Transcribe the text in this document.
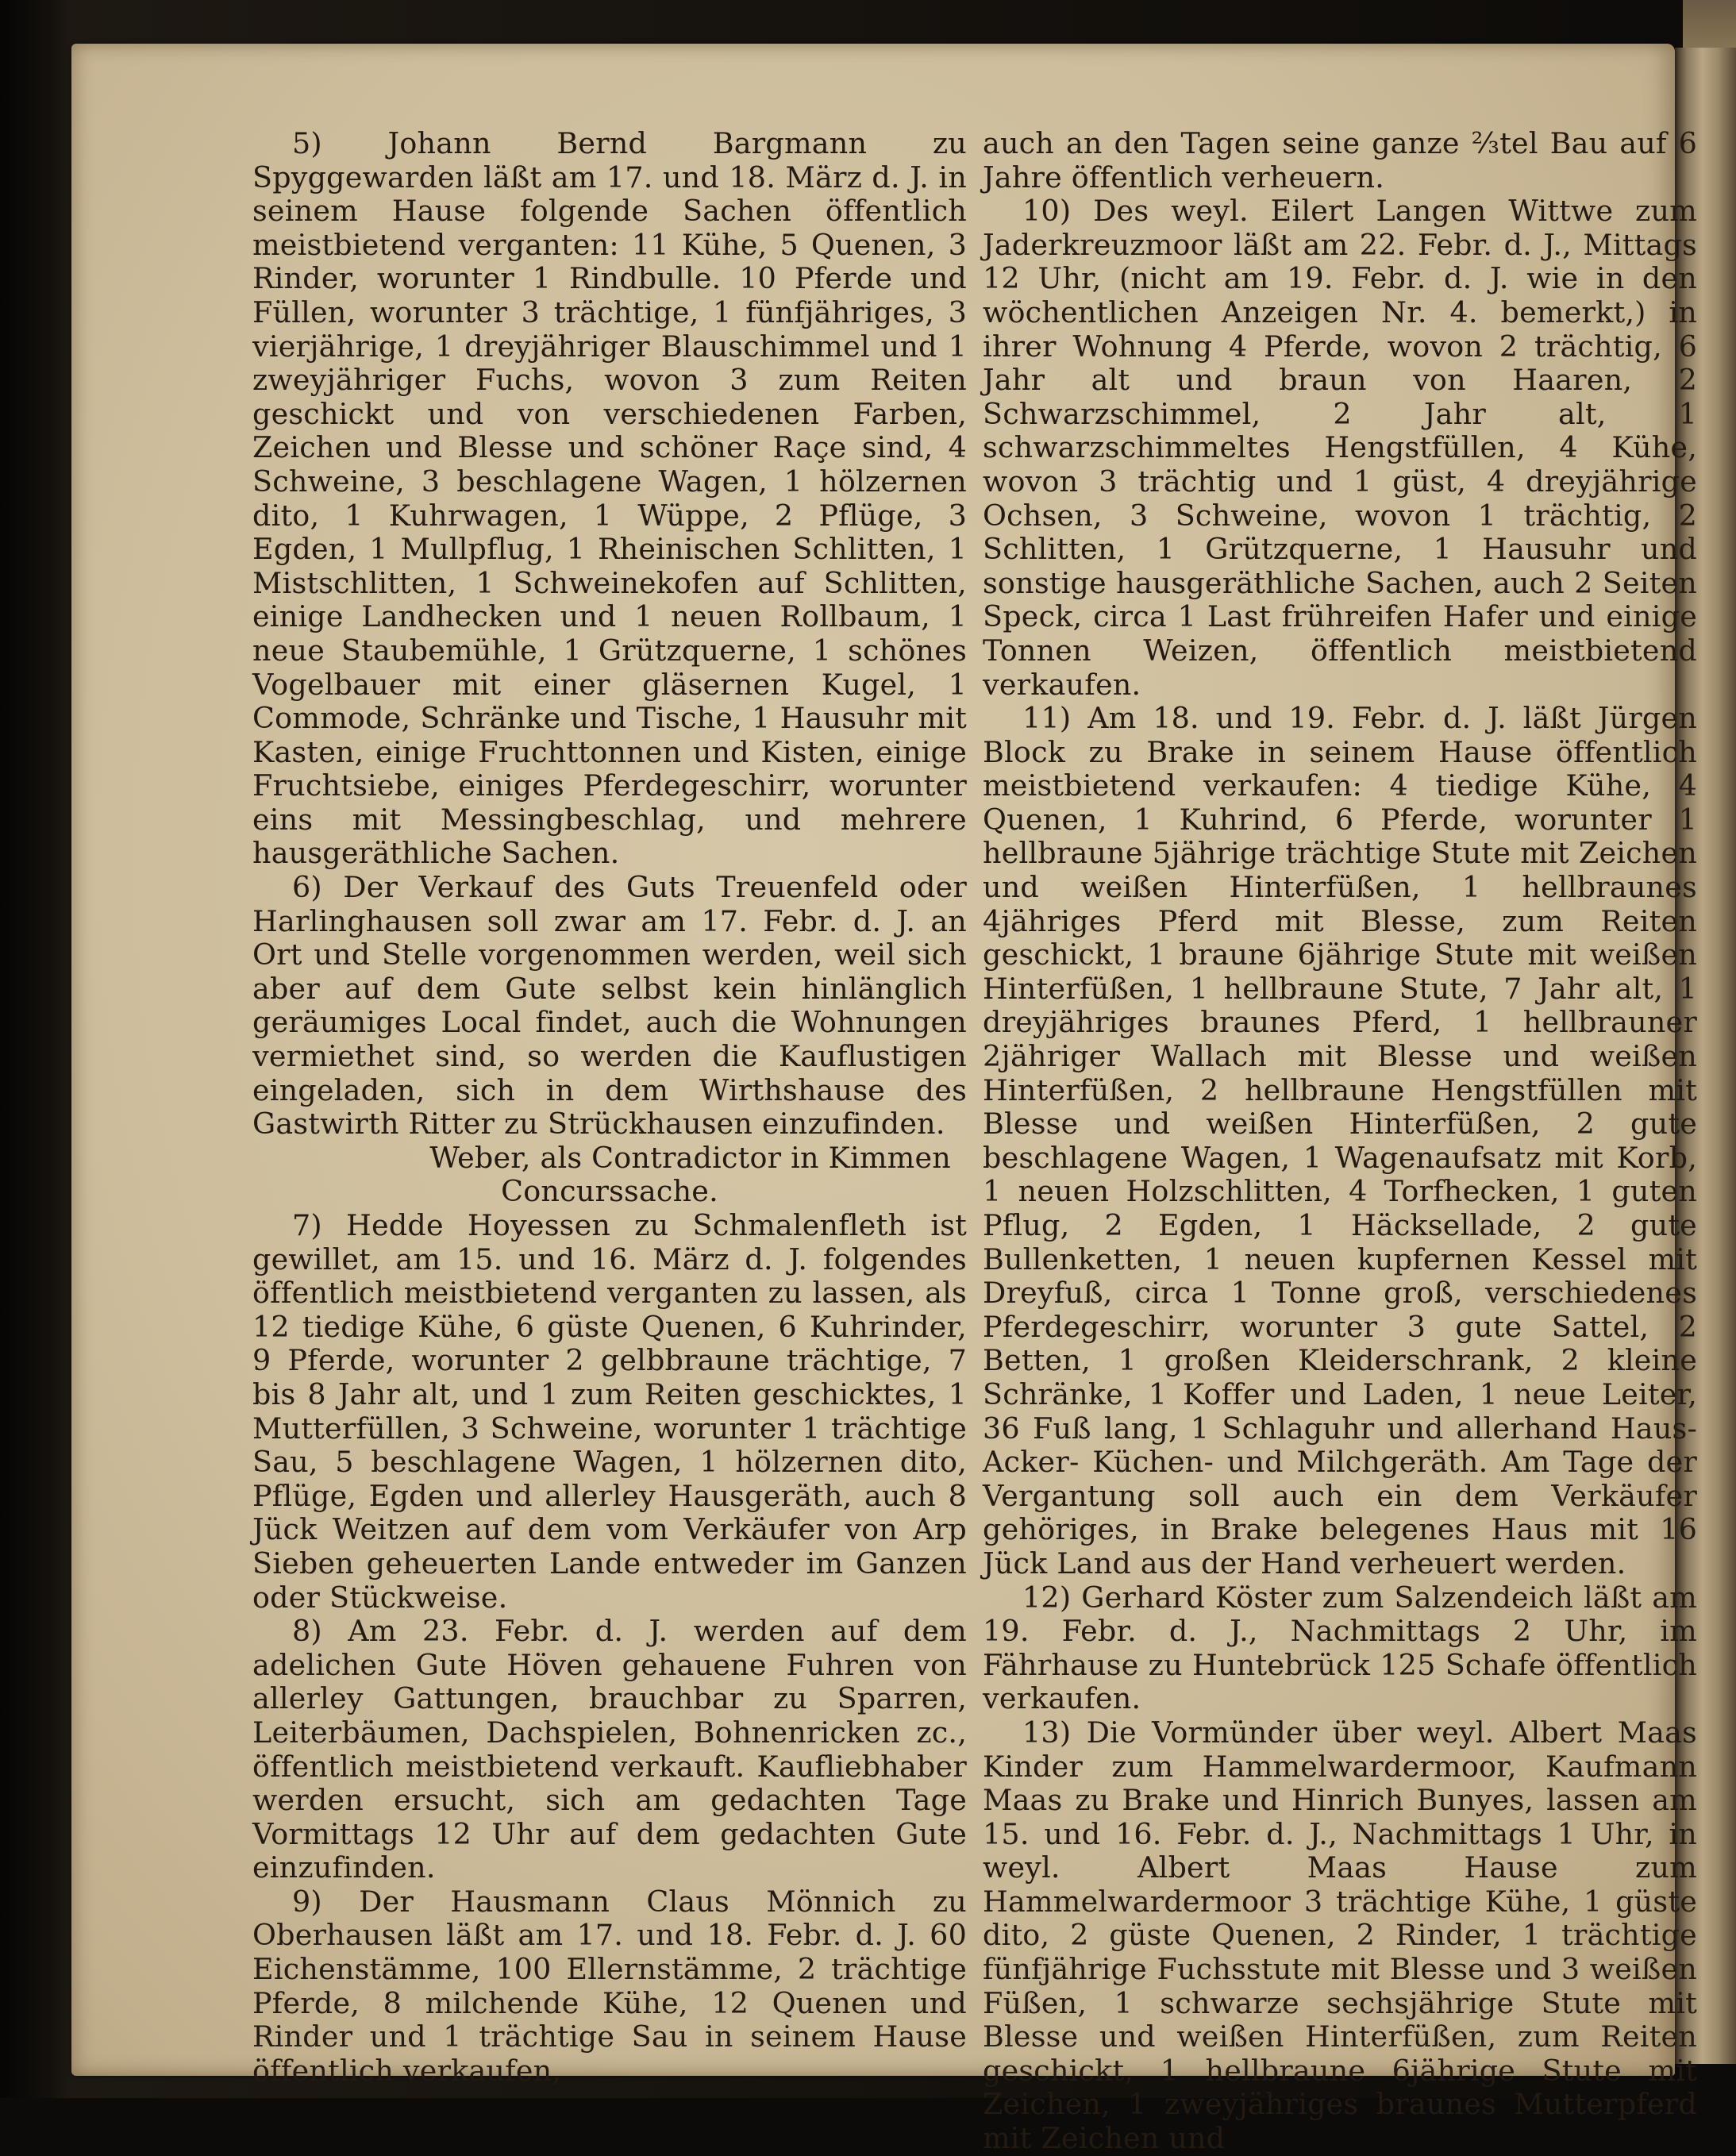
5) Johann Bernd Bargmann zu Spyggewarden läßt am 17. und 18. März d. J. in seinem Hause folgende Sachen öffentlich meistbietend verganten: 11 Kühe, 5 Quenen, 3 Rinder, worunter 1 Rindbulle. 10 Pferde und Füllen, worunter 3 trächtige, 1 fünfjähriges, 3 vierjährige, 1 dreyjähriger Blauschimmel und 1 zweyjähriger Fuchs, wovon 3 zum Reiten geschickt und von verschiedenen Farben, Zeichen und Blesse und schöner Raçe sind, 4 Schweine, 3 beschlagene Wagen, 1 hölzernen dito, 1 Kuhrwagen, 1 Wüppe, 2 Pflüge, 3 Egden, 1 Mullpflug, 1 Rheinischen Schlitten, 1 Mistschlitten, 1 Schweinekofen auf Schlitten, einige Landhecken und 1 neuen Rollbaum, 1 neue Staubemühle, 1 Grützquerne, 1 schönes Vogelbauer mit einer gläsernen Kugel, 1 Commode, Schränke und Tische, 1 Hausuhr mit Kasten, einige Fruchttonnen und Kisten, einige Fruchtsiebe, einiges Pferdegeschirr, worunter eins mit Messingbeschlag, und mehrere hausgeräthliche Sachen.

6) Der Verkauf des Guts Treuenfeld oder Harlinghausen soll zwar am 17. Febr. d. J. an Ort und Stelle vorgenommen werden, weil sich aber auf dem Gute selbst kein hinlänglich geräumiges Local findet, auch die Wohnungen vermiethet sind, so werden die Kauflustigen eingeladen, sich in dem Wirthshause des Gastwirth Ritter zu Strückhausen einzufinden.

Weber, als Contradictor in Kimmen

Concurssache.

7) Hedde Hoyessen zu Schmalenfleth ist gewillet, am 15. und 16. März d. J. folgendes öffentlich meistbietend verganten zu lassen, als 12 tiedige Kühe, 6 güste Quenen, 6 Kuhrinder, 9 Pferde, worunter 2 gelbbraune trächtige, 7 bis 8 Jahr alt, und 1 zum Reiten geschicktes, 1 Mutterfüllen, 3 Schweine, worunter 1 trächtige Sau, 5 beschlagene Wagen, 1 hölzernen dito, Pflüge, Egden und allerley Hausgeräth, auch 8 Jück Weitzen auf dem vom Verkäufer von Arp Sieben geheuerten Lande entweder im Ganzen oder Stückweise.

8) Am 23. Febr. d. J. werden auf dem adelichen Gute Höven gehauene Fuhren von allerley Gattungen, brauchbar zu Sparren, Leiterbäumen, Dachspielen, Bohnenricken zc., öffentlich meistbietend verkauft. Kaufliebhaber werden ersucht, sich am gedachten Tage Vormittags 12 Uhr auf dem gedachten Gute einzufinden.

9) Der Hausmann Claus Mönnich zu Oberhausen läßt am 17. und 18. Febr. d. J. 60 Eichenstämme, 100 Ellernstämme, 2 trächtige Pferde, 8 milchende Kühe, 12 Quenen und Rinder und 1 trächtige Sau in seinem Hause öffentlich verkaufen,

auch an den Tagen seine ganze ⅔tel Bau auf 6 Jahre öffentlich verheuern.

10) Des weyl. Eilert Langen Wittwe zum Jaderkreuzmoor läßt am 22. Febr. d. J., Mittags 12 Uhr, (nicht am 19. Febr. d. J. wie in den wöchentlichen Anzeigen Nr. 4. bemerkt,) in ihrer Wohnung 4 Pferde, wovon 2 trächtig, 6 Jahr alt und braun von Haaren, 2 Schwarzschimmel, 2 Jahr alt, 1 schwarzschimmeltes Hengstfüllen, 4 Kühe, wovon 3 trächtig und 1 güst, 4 dreyjährige Ochsen, 3 Schweine, wovon 1 trächtig, 2 Schlitten, 1 Grützquerne, 1 Hausuhr und sonstige hausgeräthliche Sachen, auch 2 Seiten Speck, circa 1 Last frühreifen Hafer und einige Tonnen Weizen, öffentlich meistbietend verkaufen.

11) Am 18. und 19. Febr. d. J. läßt Jürgen Block zu Brake in seinem Hause öffentlich meistbietend verkaufen: 4 tiedige Kühe, 4 Quenen, 1 Kuhrind, 6 Pferde, worunter 1 hellbraune 5jährige trächtige Stute mit Zeichen und weißen Hinterfüßen, 1 hellbraunes 4jähriges Pferd mit Blesse, zum Reiten geschickt, 1 braune 6jährige Stute mit weißen Hinterfüßen, 1 hellbraune Stute, 7 Jahr alt, 1 dreyjähriges braunes Pferd, 1 hellbrauner 2jähriger Wallach mit Blesse und weißen Hinterfüßen, 2 hellbraune Hengstfüllen mit Blesse und weißen Hinterfüßen, 2 gute beschlagene Wagen, 1 Wagenaufsatz mit Korb, 1 neuen Holzschlitten, 4 Torfhecken, 1 guten Pflug, 2 Egden, 1 Häcksellade, 2 gute Bullenketten, 1 neuen kupfernen Kessel mit Dreyfuß, circa 1 Tonne groß, verschiedenes Pferdegeschirr, worunter 3 gute Sattel, 2 Betten, 1 großen Kleiderschrank, 2 kleine Schränke, 1 Koffer und Laden, 1 neue Leiter, 36 Fuß lang, 1 Schlaguhr und allerhand Haus- Acker- Küchen- und Milchgeräth. Am Tage der Vergantung soll auch ein dem Verkäufer gehöriges, in Brake belegenes Haus mit 16 Jück Land aus der Hand verheuert werden.

12) Gerhard Köster zum Salzendeich läßt am 19. Febr. d. J., Nachmittags 2 Uhr, im Fährhause zu Huntebrück 125 Schafe öffentlich verkaufen.

13) Die Vormünder über weyl. Albert Maas Kinder zum Hammelwardermoor, Kaufmann Maas zu Brake und Hinrich Bunyes, lassen am 15. und 16. Febr. d. J., Nachmittags 1 Uhr, in weyl. Albert Maas Hause zum Hammelwardermoor 3 trächtige Kühe, 1 güste dito, 2 güste Quenen, 2 Rinder, 1 trächtige fünfjährige Fuchsstute mit Blesse und 3 weißen Füßen, 1 schwarze sechsjährige Stute mit Blesse und weißen Hinterfüßen, zum Reiten geschickt, 1 hellbraune 6jährige Stute mit Zeichen, 1 zweyjähriges braunes Mutterpferd mit Zeichen und
